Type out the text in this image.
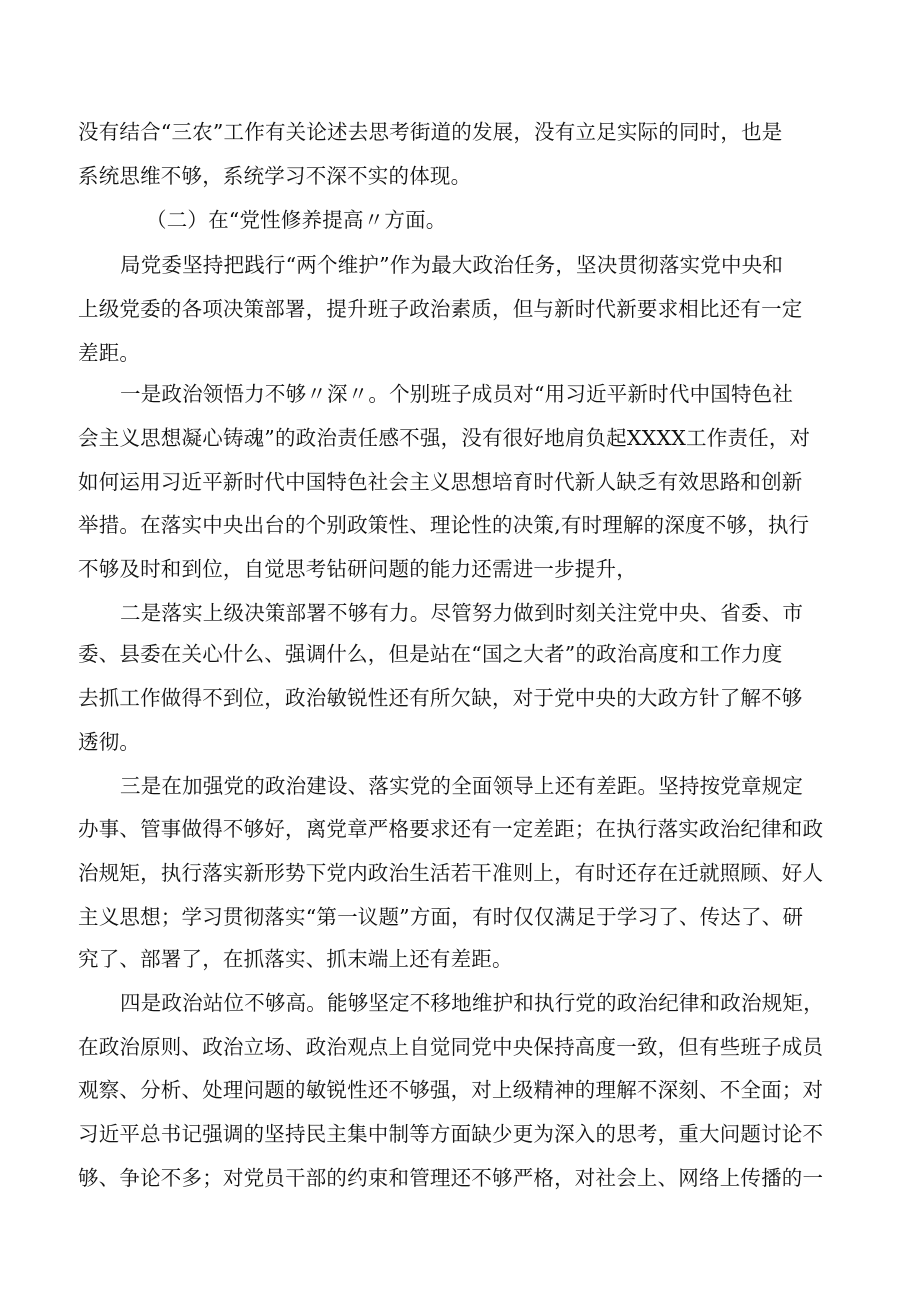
没有结合“三农”工作有关论述去思考街道的发展，没有立足实际的同时，也是

系统思维不够，系统学习不深不实的体现。

（二）在“党性修养提高〃方面。

局党委坚持把践行“两个维护”作为最大政治任务，坚决贯彻落实党中央和

上级党委的各项决策部署，提升班子政治素质，但与新时代新要求相比还有一定

差距。

一是政治领悟力不够〃深〃。个别班子成员对“用习近平新时代中国特色社

会主义思想凝心铸魂”的政治责任感不强，没有很好地肩负起XXXX工作责任，对

如何运用习近平新时代中国特色社会主义思想培育时代新人缺乏有效思路和创新

举措。在落实中央出台的个别政策性、理论性的决策,有时理解的深度不够，执行

不够及时和到位，自觉思考钻研问题的能力还需进一步提升，

二是落实上级决策部署不够有力。尽管努力做到时刻关注党中央、省委、市

委、县委在关心什么、强调什么，但是站在“国之大者”的政治高度和工作力度

去抓工作做得不到位，政治敏锐性还有所欠缺，对于党中央的大政方针了解不够

透彻。

三是在加强党的政治建设、落实党的全面领导上还有差距。坚持按党章规定

办事、管事做得不够好，离党章严格要求还有一定差距；在执行落实政治纪律和政

治规矩，执行落实新形势下党内政治生活若干准则上，有时还存在迁就照顾、好人

主义思想；学习贯彻落实“第一议题”方面，有时仅仅满足于学习了、传达了、研

究了、部署了，在抓落实、抓末端上还有差距。

四是政治站位不够高。能够坚定不移地维护和执行党的政治纪律和政治规矩，

在政治原则、政治立场、政治观点上自觉同党中央保持高度一致，但有些班子成员

观察、分析、处理问题的敏锐性还不够强，对上级精神的理解不深刻、不全面；对

习近平总书记强调的坚持民主集中制等方面缺少更为深入的思考，重大问题讨论不

够、争论不多；对党员干部的约束和管理还不够严格，对社会上、网络上传播的一
